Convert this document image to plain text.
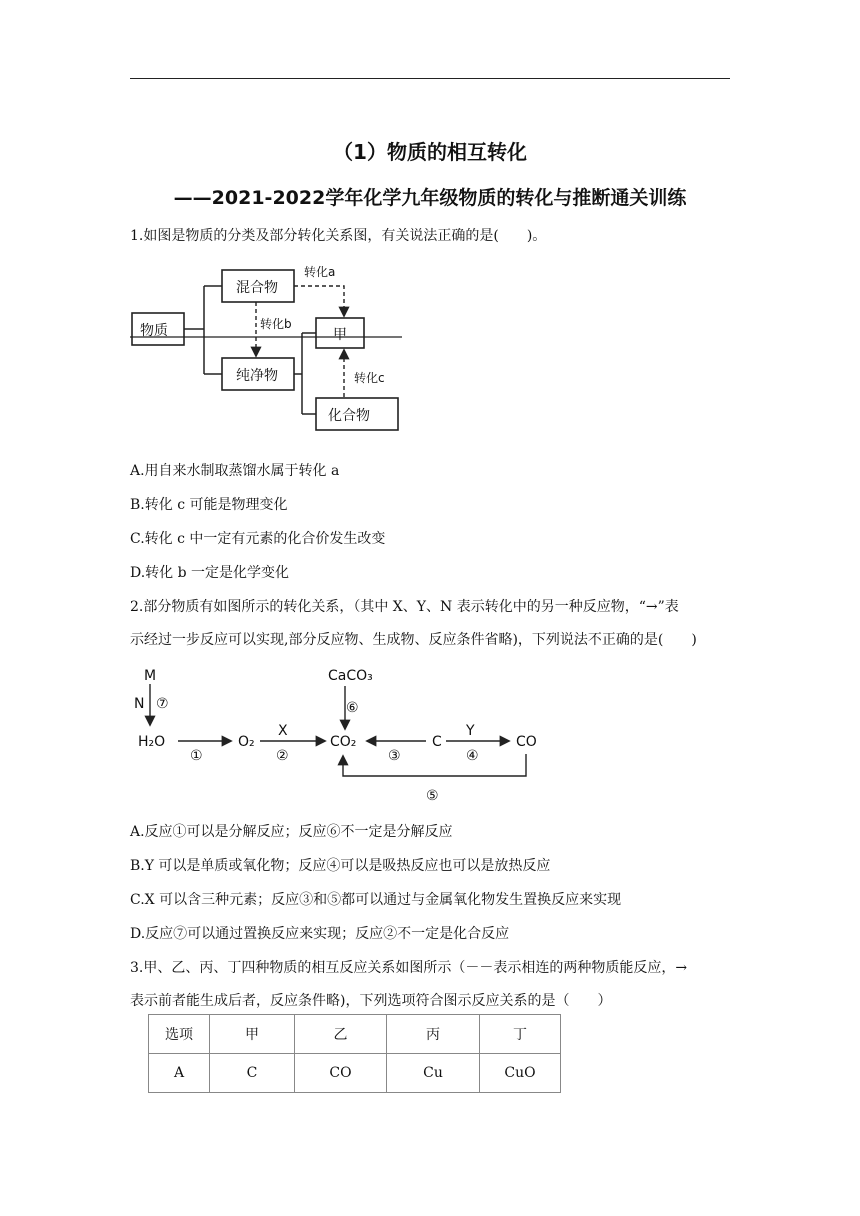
（1）物质的相互转化
——2021-2022学年化学九年级物质的转化与推断通关训练
1.如图是物质的分类及部分转化关系图，有关说法正确的是(　　)。
物质
混合物
纯净物
甲
化合物
转化a
转化b
转化c
A.用自来水制取蒸馏水属于转化 a
B.转化 c 可能是物理变化
C.转化 c 中一定有元素的化合价发生改变
D.转化 b 一定是化学变化
2.部分物质有如图所示的转化关系，（其中 X、Y、N 表示转化中的另一种反应物，“→”表
示经过一步反应可以实现,部分反应物、生成物、反应条件省略)，下列说法不正确的是(　　)
M
N ⑦
H₂O
①
O₂
X
②
CO₂
CaCO₃
⑥
③
C
Y
④
CO
⑤
A.反应①可以是分解反应；反应⑥不一定是分解反应
B.Y 可以是单质或氧化物；反应④可以是吸热反应也可以是放热反应
C.X 可以含三种元素；反应③和⑤都可以通过与金属氧化物发生置换反应来实现
D.反应⑦可以通过置换反应来实现；反应②不一定是化合反应
3.甲、乙、丙、丁四种物质的相互反应关系如图所示（－－表示相连的两种物质能反应，→
表示前者能生成后者，反应条件略)，下列选项符合图示反应关系的是（　　）
选项	甲	乙	丙	丁
A	C	CO	Cu	CuO
